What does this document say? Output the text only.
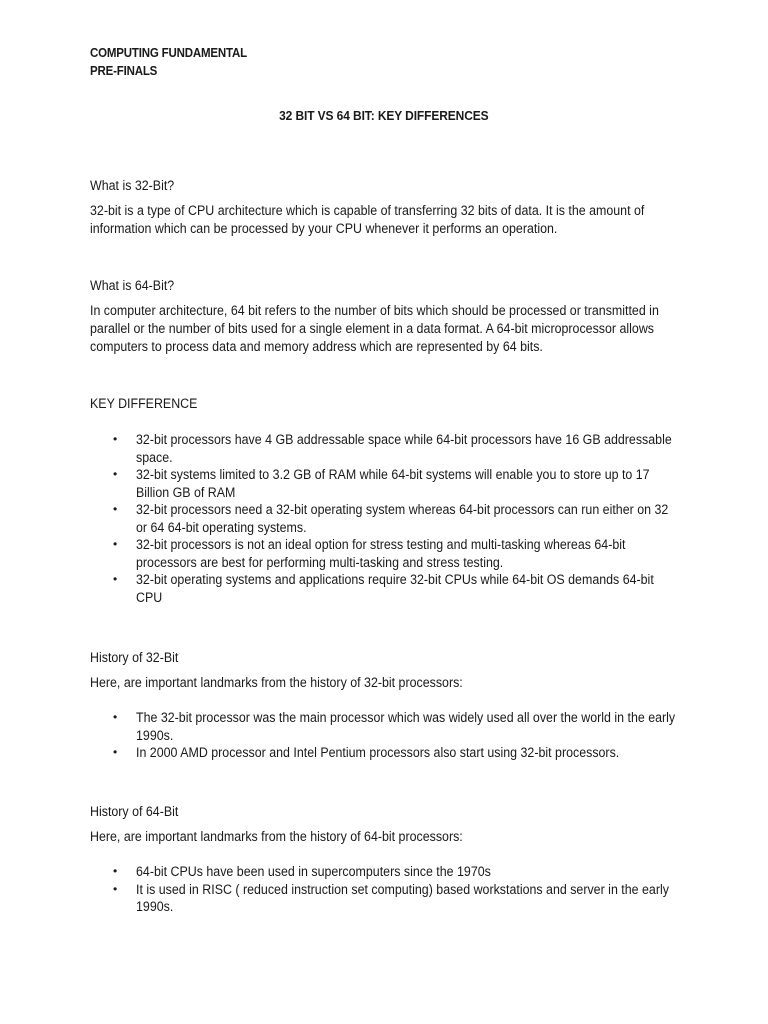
COMPUTING FUNDAMENTAL
PRE-FINALS
32 BIT VS 64 BIT: KEY DIFFERENCES
What is 32-Bit?
32-bit is a type of CPU architecture which is capable of transferring 32 bits of data. It is the amount of
information which can be processed by your CPU whenever it performs an operation.
What is 64-Bit?
In computer architecture, 64 bit refers to the number of bits which should be processed or transmitted in
parallel or the number of bits used for a single element in a data format. A 64-bit microprocessor allows
computers to process data and memory address which are represented by 64 bits.
KEY DIFFERENCE
• 32-bit processors have 4 GB addressable space while 64-bit processors have 16 GB addressable
space.
• 32-bit systems limited to 3.2 GB of RAM while 64-bit systems will enable you to store up to 17
Billion GB of RAM
• 32-bit processors need a 32-bit operating system whereas 64-bit processors can run either on 32
or 64 64-bit operating systems.
• 32-bit processors is not an ideal option for stress testing and multi-tasking whereas 64-bit
processors are best for performing multi-tasking and stress testing.
• 32-bit operating systems and applications require 32-bit CPUs while 64-bit OS demands 64-bit
CPU
History of 32-Bit
Here, are important landmarks from the history of 32-bit processors:
• The 32-bit processor was the main processor which was widely used all over the world in the early
1990s.
• In 2000 AMD processor and Intel Pentium processors also start using 32-bit processors.
History of 64-Bit
Here, are important landmarks from the history of 64-bit processors:
• 64-bit CPUs have been used in supercomputers since the 1970s
• It is used in RISC ( reduced instruction set computing) based workstations and server in the early
1990s.
